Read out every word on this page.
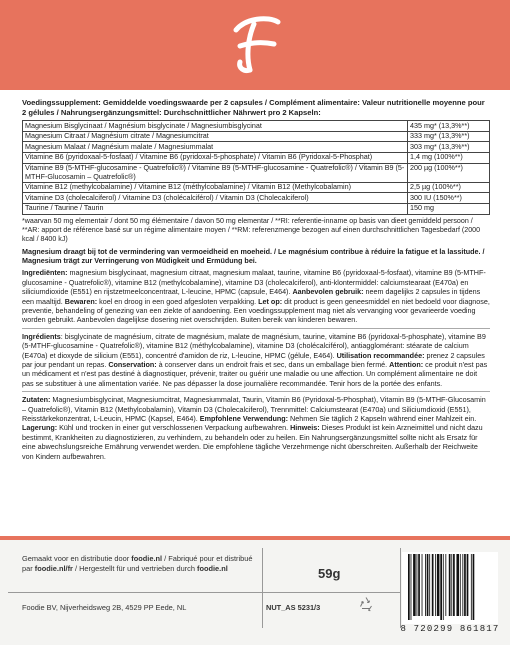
Voedingssupplement: Gemiddelde voedingswaarde per 2 capsules / Complément alimentaire: Valeur nutritionelle moyenne pour 2 gélules / Nahrungsergänzungsmittel: Durchschnittlicher Nährwert pro 2 Kapseln:
Magnesium Bisglycinaat / Magnésium bisglycinate / Magnesiumbisglycinat	435 mg* (13,3%**)
Magnesium Citraat / Magnésium citrate / Magnesiumcitrat	333 mg* (13,3%**)
Magnesium Malaat / Magnésium malate / Magnesiummalat	303 mg* (13,3%**)
Vitamine B6 (pyridoxaal-5-fosfaat) / Vitamine B6 (pyridoxal-5-phosphate) / Vitamin B6 (Pyridoxal-5-Phosphat)	1,4 mg (100%**)
Vitamine B9 (5-MTHF-glucosamine - Quatrefolic®) / Vitamine B9 (5-MTHF-glucosamine - Quatrefolic®) / Vitamin B9 (5-MTHF-Glucosamin – Quatrefolic®)	200 µg (100%**)
Vitamine B12 (methylcobalamine) / Vitamine B12 (méthylcobalamine) / Vitamin B12 (Methylcobalamin)	2,5 µg (100%**)
Vitamine D3 (cholecalciferol) / Vitamine D3 (cholécalciférol) / Vitamin D3 (Cholecalciferol)	300 IU (150%**)
Taurine / Taurine / Taurin	150 mg
*waarvan 50 mg elementair / dont 50 mg élémentaire / davon 50 mg elementar / **RI: referentie-inname op basis van dieet gemiddeld persoon / **AR: apport de référence basé sur un régime alimentaire moyen / **RM: referenzmenge bezogen auf einen durchschnittlichen Tagesbedarf (2000 kcal / 8400 kJ)
Magnesium draagt bij tot de vermindering van vermoeidheid en moeheid. / Le magnésium contribue à réduire la fatigue et la lassitude. / Magnesium trägt zur Verringerung von Müdigkeit und Ermüdung bei.
Ingrediënten: magnesium bisglycinaat, magnesium citraat, magnesium malaat, taurine, vitamine B6 (pyridoxaal-5-fosfaat), vitamine B9 (5-MTHF-glucosamine - Quatrefolic®), vitamine B12 (methylcobalamine), vitamine D3 (cholecalciferol), anti-klontermiddel: calciumstearaat (E470a) en siliciumdioxide (E551) en rijstzetmeelconcentraat, L-leucine, HPMC (capsule, E464). Aanbevolen gebruik: neem dagelijks 2 capsules in tijdens een maaltijd. Bewaren: koel en droog in een goed afgesloten verpakking. Let op: dit product is geen geneesmiddel en niet bedoeld voor diagnose, preventie, behandeling of genezing van een ziekte of aandoening. Een voedingssupplement mag niet als vervanging voor gevarieerde voeding worden gebruikt. Aanbevolen dagelijkse dosering niet overschrijden. Buiten bereik van kinderen bewaren.
Ingrédients: bisglycinate de magnésium, citrate de magnésium, malate de magnésium, taurine, vitamine B6 (pyridoxal-5-phosphate), vitamine B9 (5-MTHF-glucosamine - Quatrefolic®), vitamine B12 (méthylcobalamine), vitamine D3 (cholécalciférol), antiagglomérant: stéarate de calcium (E470a) et dioxyde de silicium (E551), concentré d'amidon de riz, L-leucine, HPMC (gélule, E464). Utilisation recommandée: prenez 2 capsules par jour pendant un repas. Conservation: à conserver dans un endroit frais et sec, dans un emballage bien fermé. Attention: ce produit n'est pas un médicament et n'est pas destiné à diagnostiquer, prévenir, traiter ou guérir une maladie ou une affection. Un complément alimentaire ne doit pas se substituer à une alimentation variée. Ne pas dépasser la dose journalière recommandée. Tenir hors de la portée des enfants.
Zutaten: Magnesiumbisglycinat, Magnesiumcitrat, Magnesiummalat, Taurin, Vitamin B6 (Pyridoxal-5-Phosphat), Vitamin B9 (5-MTHF-Glucosamin – Quatrefolic®), Vitamin B12 (Methylcobalamin), Vitamin D3 (Cholecalciferol), Trennmittel: Calciumstearat (E470a) und Siliciumdioxid (E551), Reisstärkekonzentrat, L-Leucin, HPMC (Kapsel, E464). Empfohlene Verwendung: Nehmen Sie täglich 2 Kapseln während einer Mahlzeit ein. Lagerung: Kühl und trocken in einer gut verschlossenen Verpackung aufbewahren. Hinweis: Dieses Produkt ist kein Arzneimittel und nicht dazu bestimmt, Krankheiten zu diagnostizieren, zu verhindern, zu behandeln oder zu heilen. Ein Nahrungsergänzungsmittel sollte nicht als Ersatz für eine abwechslungsreiche Ernährung verwendet werden. Die empfohlene tägliche Verzehrmenge nicht überschreiten. Außerhalb der Reichweite von Kindern aufbewahren.
Gemaakt voor en distributie door foodie.nl / Fabriqué pour et distribué
par foodie.nl/fr / Hergestellt für und vertrieben durch foodie.nl
Foodie BV, Nijverheidsweg 2B, 4529 PP Eede, NL
59g
NUT_AS 5231/3
8 720299 861817
